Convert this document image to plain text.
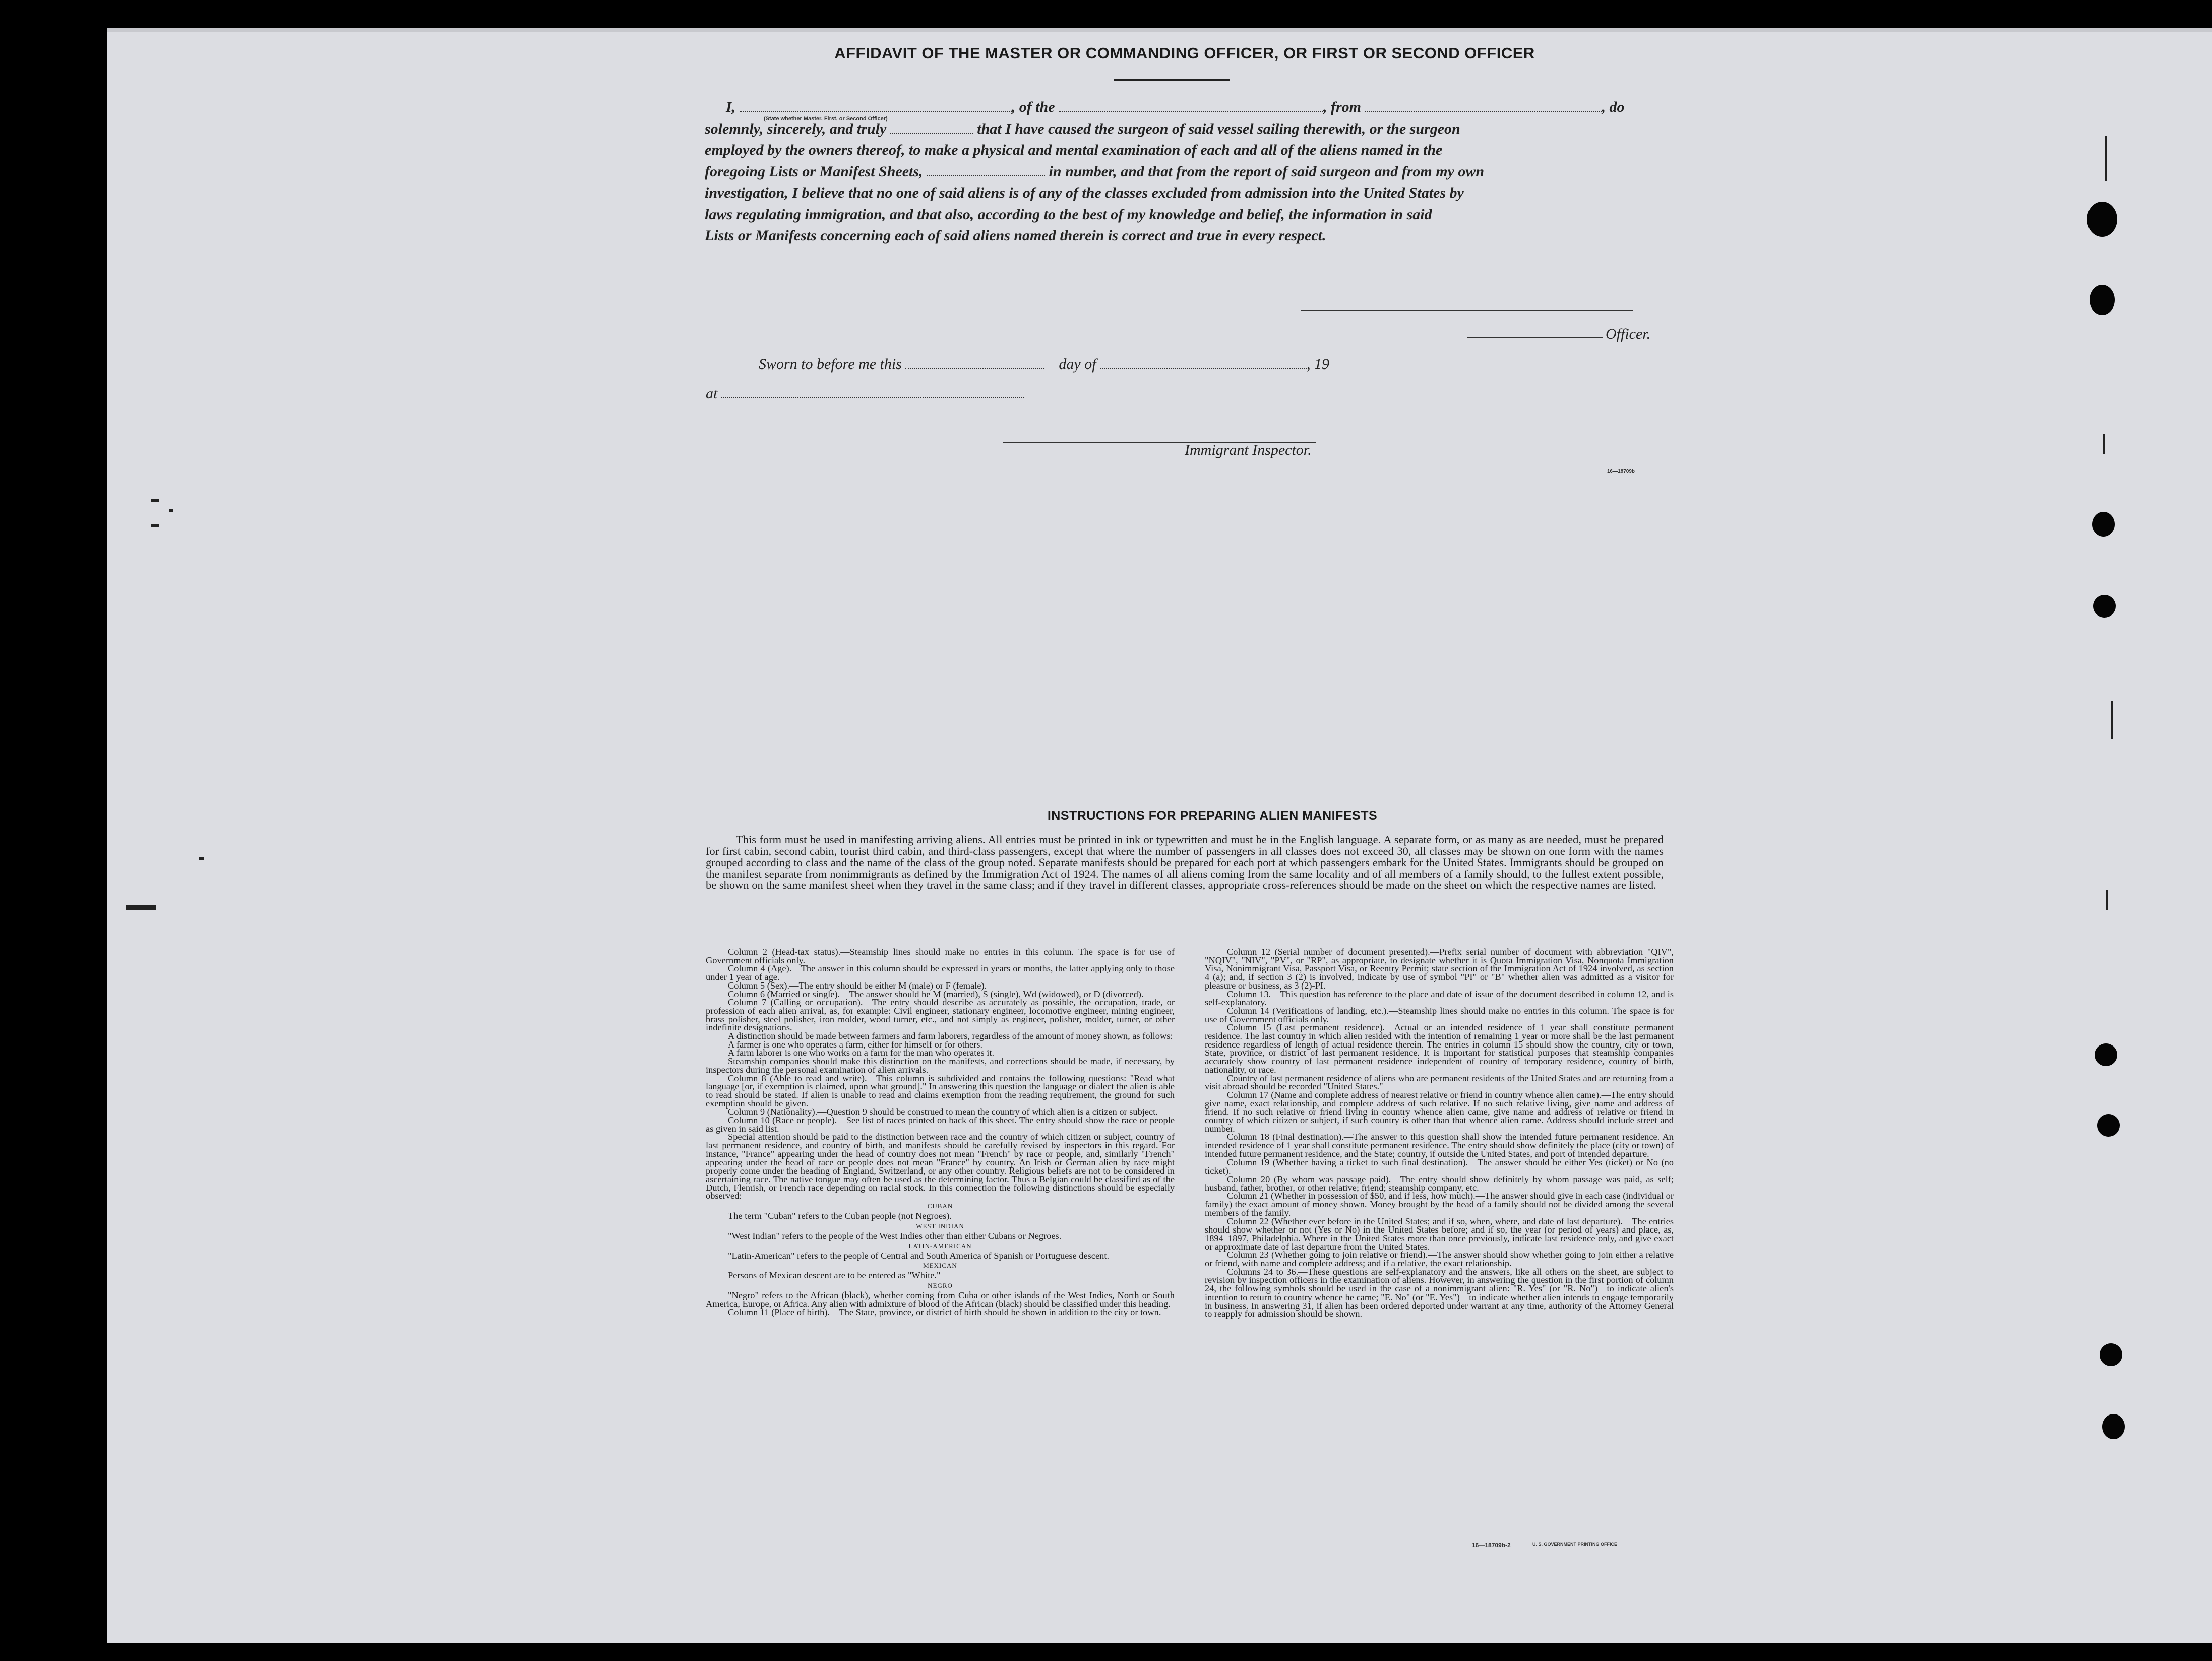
AFFIDAVIT OF THE MASTER OR COMMANDING OFFICER, OR FIRST OR SECOND OFFICER
I,	, of the	, from	, do
solemnly, sincerely, and truly	that I have caused the surgeon of said vessel sailing therewith, or the surgeon
employed by the owners thereof, to make a physical and mental examination of each and all of the aliens named in the
foregoing Lists or Manifest Sheets,	in number, and that from the report of said surgeon and from my own
investigation, I believe that no one of said aliens is of any of the classes excluded from admission into the United States by
laws regulating immigration, and that also, according to the best of my knowledge and belief, the information in said
Lists or Manifests concerning each of said aliens named therein is correct and true in every respect.
(State whether Master, First, or Second Officer)
Officer.
Sworn to before me this	day of	, 19
at
Immigrant Inspector.
16—18709b
INSTRUCTIONS FOR PREPARING ALIEN MANIFESTS
This form must be used in manifesting arriving aliens. All entries must be printed in ink or typewritten and must be in the English language. A separate form, or as many as are needed, must be prepared for first cabin, second cabin, tourist third cabin, and third-class passengers, except that where the number of passengers in all classes does not exceed 30, all classes may be shown on one form with the names grouped according to class and the name of the class of the group noted. Separate manifests should be prepared for each port at which passengers embark for the United States. Immigrants should be grouped on the manifest separate from nonimmigrants as defined by the Immigration Act of 1924. The names of all aliens coming from the same locality and of all members of a family should, to the fullest extent possible, be shown on the same manifest sheet when they travel in the same class; and if they travel in different classes, appropriate cross-references should be made on the sheet on which the respective names are listed.

Column 2 (Head-tax status).—Steamship lines should make no entries in this column. The space is for use of Government officials only.

Column 4 (Age).—The answer in this column should be expressed in years or months, the latter applying only to those under 1 year of age.

Column 5 (Sex).—The entry should be either M (male) or F (female).

Column 6 (Married or single).—The answer should be M (married), S (single), Wd (widowed), or D (divorced).

Column 7 (Calling or occupation).—The entry should describe as accurately as possible, the occupation, trade, or profession of each alien arrival, as, for example: Civil engineer, stationary engineer, locomotive engineer, mining engineer, brass polisher, steel polisher, iron molder, wood turner, etc., and not simply as engineer, polisher, molder, turner, or other indefinite designations.

A distinction should be made between farmers and farm laborers, regardless of the amount of money shown, as follows:

A farmer is one who operates a farm, either for himself or for others.

A farm laborer is one who works on a farm for the man who operates it.

Steamship companies should make this distinction on the manifests, and corrections should be made, if necessary, by inspectors during the personal examination of alien arrivals.

Column 8 (Able to read and write).—This column is subdivided and contains the following questions: "Read what language [or, if exemption is claimed, upon what ground]." In answering this question the language or dialect the alien is able to read should be stated. If alien is unable to read and claims exemption from the reading requirement, the ground for such exemption should be given.

Column 9 (Nationality).—Question 9 should be construed to mean the country of which alien is a citizen or subject.

Column 10 (Race or people).—See list of races printed on back of this sheet. The entry should show the race or people as given in said list.

Special attention should be paid to the distinction between race and the country of which citizen or subject, country of last permanent residence, and country of birth, and manifests should be carefully revised by inspectors in this regard. For instance, "France" appearing under the head of country does not mean "French" by race or people, and, similarly "French" appearing under the head of race or people does not mean "France" by country. An Irish or German alien by race might properly come under the heading of England, Switzerland, or any other country. Religious beliefs are not to be considered in ascertaining race. The native tongue may often be used as the determining factor. Thus a Belgian could be classified as of the Dutch, Flemish, or French race depending on racial stock. In this connection the following distinctions should be especially observed:

CUBAN

The term "Cuban" refers to the Cuban people (not Negroes).

WEST INDIAN

"West Indian" refers to the people of the West Indies other than either Cubans or Negroes.

LATIN-AMERICAN

"Latin-American" refers to the people of Central and South America of Spanish or Portuguese descent.

MEXICAN

Persons of Mexican descent are to be entered as "White."

NEGRO

"Negro" refers to the African (black), whether coming from Cuba or other islands of the West Indies, North or South America, Europe, or Africa. Any alien with admixture of blood of the African (black) should be classified under this heading.

Column 11 (Place of birth).—The State, province, or district of birth should be shown in addition to the city or town.

Column 12 (Serial number of document presented).—Prefix serial number of document with abbreviation "QIV", "NQIV", "NIV", "PV", or "RP", as appropriate, to designate whether it is Quota Immigration Visa, Nonquota Immigration Visa, Nonimmigrant Visa, Passport Visa, or Reentry Permit; state section of the Immigration Act of 1924 involved, as section 4 (a); and, if section 3 (2) is involved, indicate by use of symbol "PI" or "B" whether alien was admitted as a visitor for pleasure or business, as 3 (2)-PI.

Column 13.—This question has reference to the place and date of issue of the document described in column 12, and is self-explanatory.

Column 14 (Verifications of landing, etc.).—Steamship lines should make no entries in this column. The space is for use of Government officials only.

Column 15 (Last permanent residence).—Actual or an intended residence of 1 year shall constitute permanent residence. The last country in which alien resided with the intention of remaining 1 year or more shall be the last permanent residence regardless of length of actual residence therein. The entries in column 15 should show the country, city or town, State, province, or district of last permanent residence. It is important for statistical purposes that steamship companies accurately show country of last permanent residence independent of country of temporary residence, country of birth, nationality, or race.

Country of last permanent residence of aliens who are permanent residents of the United States and are returning from a visit abroad should be recorded "United States."

Column 17 (Name and complete address of nearest relative or friend in country whence alien came).—The entry should give name, exact relationship, and complete address of such relative. If no such relative living, give name and address of friend. If no such relative or friend living in country whence alien came, give name and address of relative or friend in country of which citizen or subject, if such country is other than that whence alien came. Address should include street and number.

Column 18 (Final destination).—The answer to this question shall show the intended future permanent residence. An intended residence of 1 year shall constitute permanent residence. The entry should show definitely the place (city or town) of intended future permanent residence, and the State; country, if outside the United States, and port of intended departure.

Column 19 (Whether having a ticket to such final destination).—The answer should be either Yes (ticket) or No (no ticket).

Column 20 (By whom was passage paid).—The entry should show definitely by whom passage was paid, as self; husband, father, brother, or other relative; friend; steamship company, etc.

Column 21 (Whether in possession of $50, and if less, how much).—The answer should give in each case (individual or family) the exact amount of money shown. Money brought by the head of a family should not be divided among the several members of the family.

Column 22 (Whether ever before in the United States; and if so, when, where, and date of last departure).—The entries should show whether or not (Yes or No) in the United States before; and if so, the year (or period of years) and place, as, 1894–1897, Philadelphia. Where in the United States more than once previously, indicate last residence only, and give exact or approximate date of last departure from the United States.

Column 23 (Whether going to join relative or friend).—The answer should show whether going to join either a relative or friend, with name and complete address; and if a relative, the exact relationship.

Columns 24 to 36.—These questions are self-explanatory and the answers, like all others on the sheet, are subject to revision by inspection officers in the examination of aliens. However, in answering the question in the first portion of column 24, the following symbols should be used in the case of a nonimmigrant alien: "R. Yes" (or "R. No")—to indicate alien's intention to return to country whence he came; "E. No" (or "E. Yes")—to indicate whether alien intends to engage temporarily in business. In answering 31, if alien has been ordered deported under warrant at any time, authority of the Attorney General to reapply for admission should be shown.

16—18709b-2	U. S. GOVERNMENT PRINTING OFFICE
